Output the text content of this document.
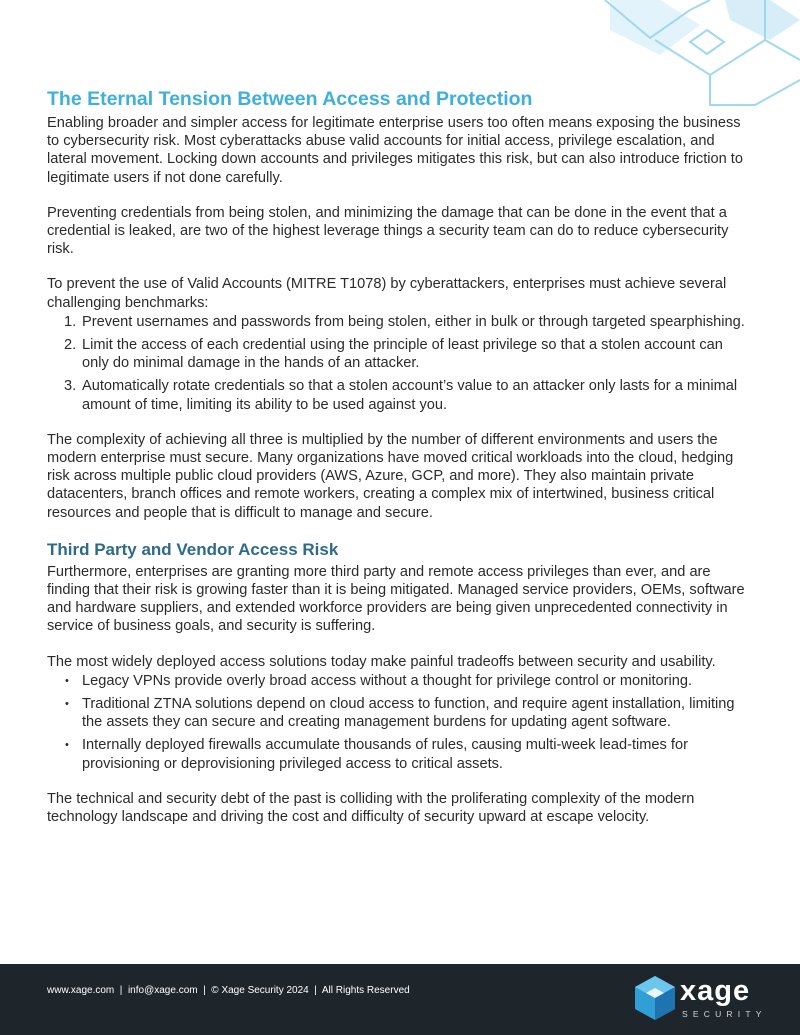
The Eternal Tension Between Access and Protection

Enabling broader and simpler access for legitimate enterprise users too often means exposing the business to cybersecurity risk. Most cyberattacks abuse valid accounts for initial access, privilege escalation, and lateral movement. Locking down accounts and privileges mitigates this risk, but can also introduce friction to legitimate users if not done carefully.

Preventing credentials from being stolen, and minimizing the damage that can be done in the event that a credential is leaked, are two of the highest leverage things a security team can do to reduce cybersecurity risk.

To prevent the use of Valid Accounts (MITRE T1078) by cyberattackers, enterprises must achieve several challenging benchmarks:

1. Prevent usernames and passwords from being stolen, either in bulk or through targeted spearphishing.
2. Limit the access of each credential using the principle of least privilege so that a stolen account can only do minimal damage in the hands of an attacker.
3. Automatically rotate credentials so that a stolen account’s value to an attacker only lasts for a minimal amount of time, limiting its ability to be used against you.

The complexity of achieving all three is multiplied by the number of different environments and users the modern enterprise must secure. Many organizations have moved critical workloads into the cloud, hedging risk across multiple public cloud providers (AWS, Azure, GCP, and more). They also maintain private datacenters, branch offices and remote workers, creating a complex mix of intertwined, business critical resources and people that is difficult to manage and secure.

Third Party and Vendor Access Risk

Furthermore, enterprises are granting more third party and remote access privileges than ever, and are finding that their risk is growing faster than it is being mitigated. Managed service providers, OEMs, software and hardware suppliers, and extended workforce providers are being given unprecedented connectivity in service of business goals, and security is suffering.

The most widely deployed access solutions today make painful tradeoffs between security and usability.

• Legacy VPNs provide overly broad access without a thought for privilege control or monitoring.
• Traditional ZTNA solutions depend on cloud access to function, and require agent installation, limiting the assets they can secure and creating management burdens for updating agent software.
• Internally deployed firewalls accumulate thousands of rules, causing multi-week lead-times for provisioning or deprovisioning privileged access to critical assets.

The technical and security debt of the past is colliding with the proliferating complexity of the modern technology landscape and driving the cost and difficulty of security upward at escape velocity.

www.xage.com  |  info@xage.com  |  © Xage Security 2024  |  All Rights Reserved	xage
SECURITY
